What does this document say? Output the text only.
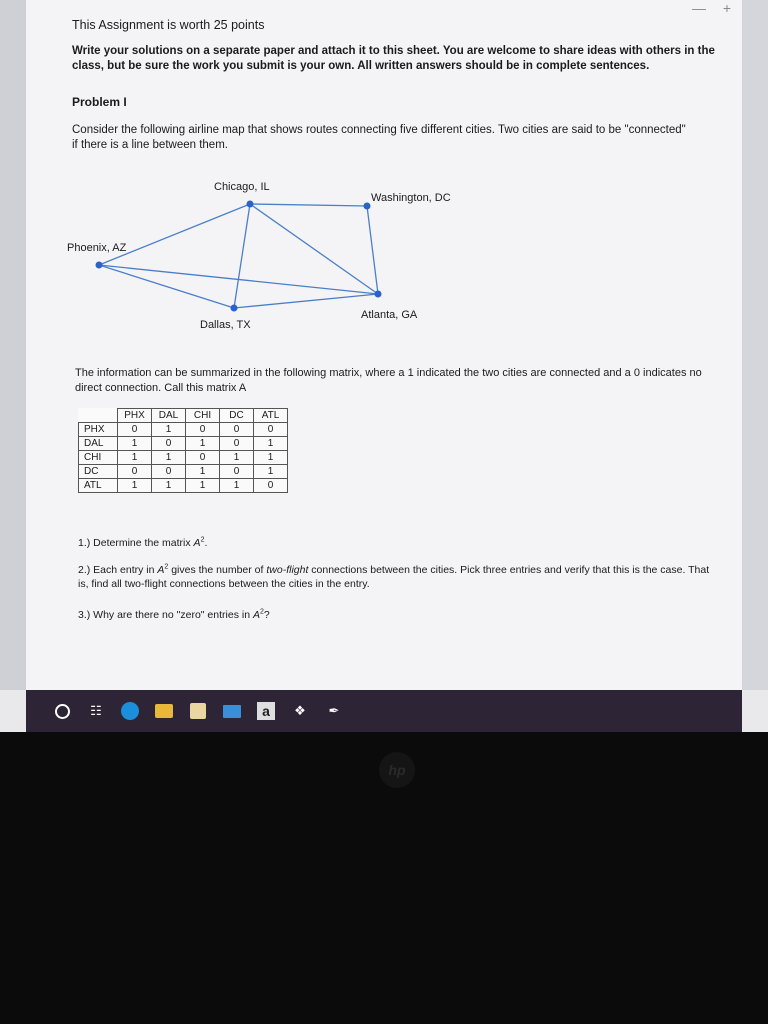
— +

This Assignment is worth 25 points

Write your solutions on a separate paper and attach it to this sheet. You are welcome to share ideas with others in the class, but be sure the work you submit is your own. All written answers should be in complete sentences.

Problem I

Consider the following airline map that shows routes connecting five different cities. Two cities are said to be "connected" if there is a line between them.

The information can be summarized in the following matrix, where a 1 indicated the two cities are connected and a 0 indicates no direct connection. Call this matrix A

	PHX	DAL	CHI	DC	ATL
PHX	0	1	0	0	0
DAL	1	0	1	0	1
CHI	1	1	0	1	1
DC	0	0	1	0	1
ATL	1	1	1	1	0

1.) Determine the matrix $A^2$.

2.) Each entry in $A^2$ gives the number of two-flight connections between the cities. Pick three entries and verify that this is the case. That is, find all two-flight connections between the cities in the entry.

3.) Why are there no "zero" entries in $A^2$?

Chicago, IL
Washington, DC
Phoenix, AZ
Atlanta, GA
Dallas, TX
☷	a	❖	✒
hp
